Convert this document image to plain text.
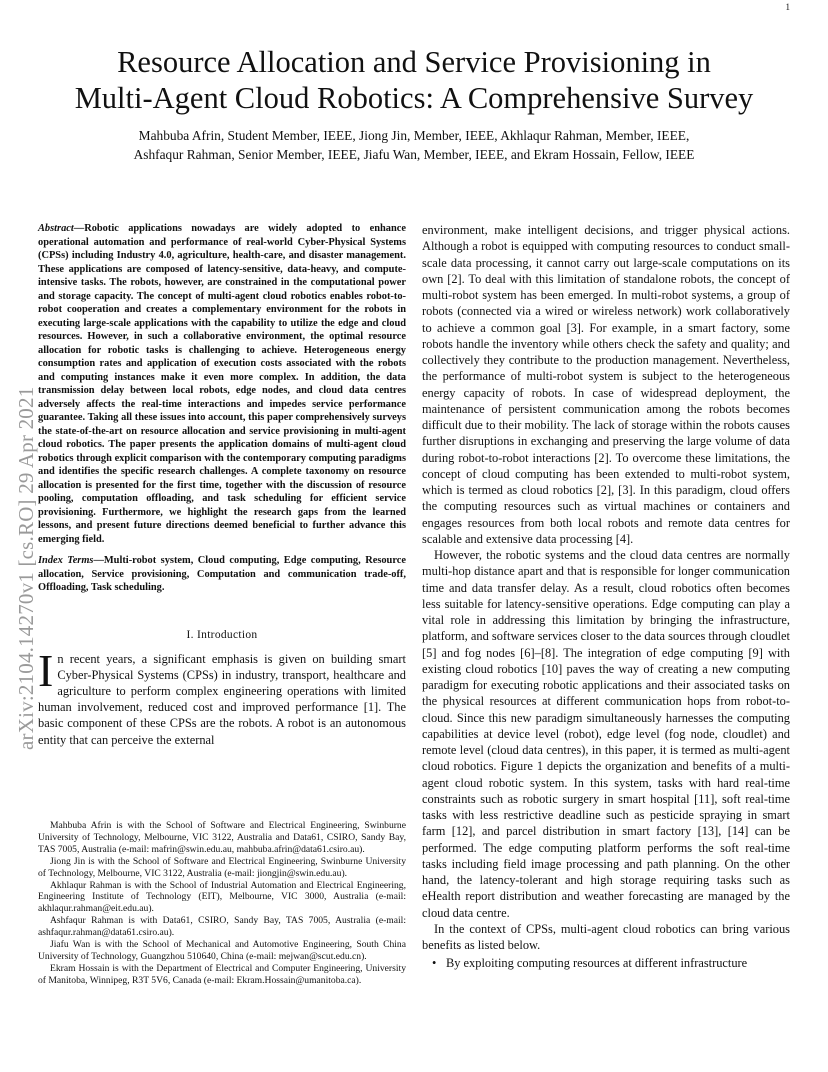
1
Resource Allocation and Service Provisioning in
Multi-Agent Cloud Robotics: A Comprehensive Survey
Mahbuba Afrin, Student Member, IEEE, Jiong Jin, Member, IEEE, Akhlaqur Rahman, Member, IEEE,
Ashfaqur Rahman, Senior Member, IEEE, Jiafu Wan, Member, IEEE, and Ekram Hossain, Fellow, IEEE
arXiv:2104.14270v1 [cs.RO] 29 Apr 2021
Abstract—Robotic applications nowadays are widely adopted to enhance operational automation and performance of real-world Cyber-Physical Systems (CPSs) including Industry 4.0, agriculture, health-care, and disaster management. These applications are composed of latency-sensitive, data-heavy, and compute-intensive tasks. The robots, however, are constrained in the computational power and storage capacity. The concept of multi-agent cloud robotics enables robot-to-robot cooperation and creates a complementary environment for the robots in executing large-scale applications with the capability to utilize the edge and cloud resources. However, in such a collaborative environment, the optimal resource allocation for robotic tasks is challenging to achieve. Heterogeneous energy consumption rates and application of execution costs associated with the robots and computing instances make it even more complex. In addition, the data transmission delay between local robots, edge nodes, and cloud data centres adversely affects the real-time interactions and impedes service performance guarantee. Taking all these issues into account, this paper comprehensively surveys the state-of-the-art on resource allocation and service provisioning in multi-agent cloud robotics. The paper presents the application domains of multi-agent cloud robotics through explicit comparison with the contemporary computing paradigms and identifies the specific research challenges. A complete taxonomy on resource allocation is presented for the first time, together with the discussion of resource pooling, computation offloading, and task scheduling for efficient service provisioning. Furthermore, we highlight the research gaps from the learned lessons, and present future directions deemed beneficial to further advance this emerging field.
Index Terms—Multi-robot system, Cloud computing, Edge computing, Resource allocation, Service provisioning, Computation and communication trade-off, Offloading, Task scheduling.
I. Introduction
In recent years, a significant emphasis is given on building smart Cyber-Physical Systems (CPSs) in industry, transport, healthcare and agriculture to perform complex engineering operations with limited human involvement, reduced cost and improved performance [1]. The basic component of these CPSs are the robots. A robot is an autonomous entity that can perceive the external

Mahbuba Afrin is with the School of Software and Electrical Engineering, Swinburne University of Technology, Melbourne, VIC 3122, Australia and Data61, CSIRO, Sandy Bay, TAS 7005, Australia (e-mail: mafrin@swin.edu.au, mahbuba.afrin@data61.csiro.au).

Jiong Jin is with the School of Software and Electrical Engineering, Swinburne University of Technology, Melbourne, VIC 3122, Australia (e-mail: jiongjin@swin.edu.au).

Akhlaqur Rahman is with the School of Industrial Automation and Electrical Engineering, Engineering Institute of Technology (EIT), Melbourne, VIC 3000, Australia (e-mail: akhlaqur.rahman@eit.edu.au).

Ashfaqur Rahman is with Data61, CSIRO, Sandy Bay, TAS 7005, Australia (e-mail: ashfaqur.rahman@data61.csiro.au).

Jiafu Wan is with the School of Mechanical and Automotive Engineering, South China University of Technology, Guangzhou 510640, China (e-mail: mejwan@scut.edu.cn).

Ekram Hossain is with the Department of Electrical and Computer Engineering, University of Manitoba, Winnipeg, R3T 5V6, Canada (e-mail: Ekram.Hossain@umanitoba.ca).

environment, make intelligent decisions, and trigger physical actions. Although a robot is equipped with computing resources to conduct small-scale data processing, it cannot carry out large-scale computations on its own [2]. To deal with this limitation of standalone robots, the concept of multi-robot system has been emerged. In multi-robot systems, a group of robots (connected via a wired or wireless network) work collaboratively to achieve a common goal [3]. For example, in a smart factory, some robots handle the inventory while others check the safety and quality; and collectively they contribute to the production management. Nevertheless, the performance of multi-robot system is subject to the heterogeneous energy capacity of robots. In case of widespread deployment, the maintenance of persistent communication among the robots becomes difficult due to their mobility. The lack of storage within the robots causes further disruptions in exchanging and preserving the large volume of data during robot-to-robot interactions [2]. To overcome these limitations, the concept of cloud computing has been extended to multi-robot system, which is termed as cloud robotics [2], [3]. In this paradigm, cloud offers the computing resources such as virtual machines or containers and engages resources from both local robots and remote data centres for scalable and extensive data processing [4].

However, the robotic systems and the cloud data centres are normally multi-hop distance apart and that is responsible for longer communication time and data transfer delay. As a result, cloud robotics often becomes less suitable for latency-sensitive operations. Edge computing can play a vital role in addressing this limitation by bringing the infrastructure, platform, and software services closer to the data sources through cloudlet [5] and fog nodes [6]–[8]. The integration of edge computing [9] with existing cloud robotics [10] paves the way of creating a new computing paradigm for executing robotic applications and their associated tasks on the physical resources at different communication hops from robot-to-cloud. Since this new paradigm simultaneously harnesses the computing capabilities at device level (robot), edge level (fog node, cloudlet) and remote level (cloud data centres), in this paper, it is termed as multi-agent cloud robotics. Figure 1 depicts the organization and benefits of a multi-agent cloud robotic system. In this system, tasks with hard real-time constraints such as robotic surgery in smart hospital [11], soft real-time tasks with less restrictive deadline such as pesticide spraying in smart farm [12], and parcel distribution in smart factory [13], [14] can be performed. The edge computing platform performs the soft real-time tasks including field image processing and path planning. On the other hand, the latency-tolerant and high storage requiring tasks such as eHealth report distribution and weather forecasting are managed by the cloud data centre.

In the context of CPSs, multi-agent cloud robotics can bring various benefits as listed below.

• By exploiting computing resources at different infrastructure
